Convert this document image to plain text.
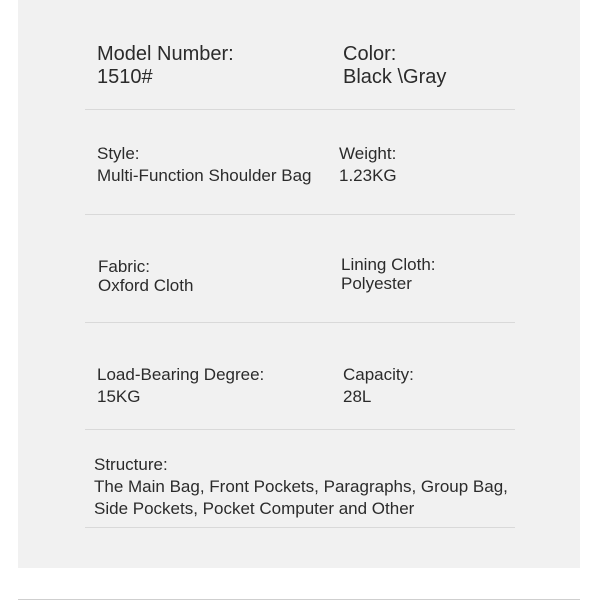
Model Number:
1510#
Color:
Black \Gray
Style:
Multi-Function Shoulder Bag
Weight:
1.23KG
Fabric:
Oxford Cloth
Lining Cloth:
Polyester
Load-Bearing Degree:
15KG
Capacity:
28L
Structure:
The Main Bag, Front Pockets, Paragraphs, Group Bag, Side Pockets, Pocket Computer and Other
